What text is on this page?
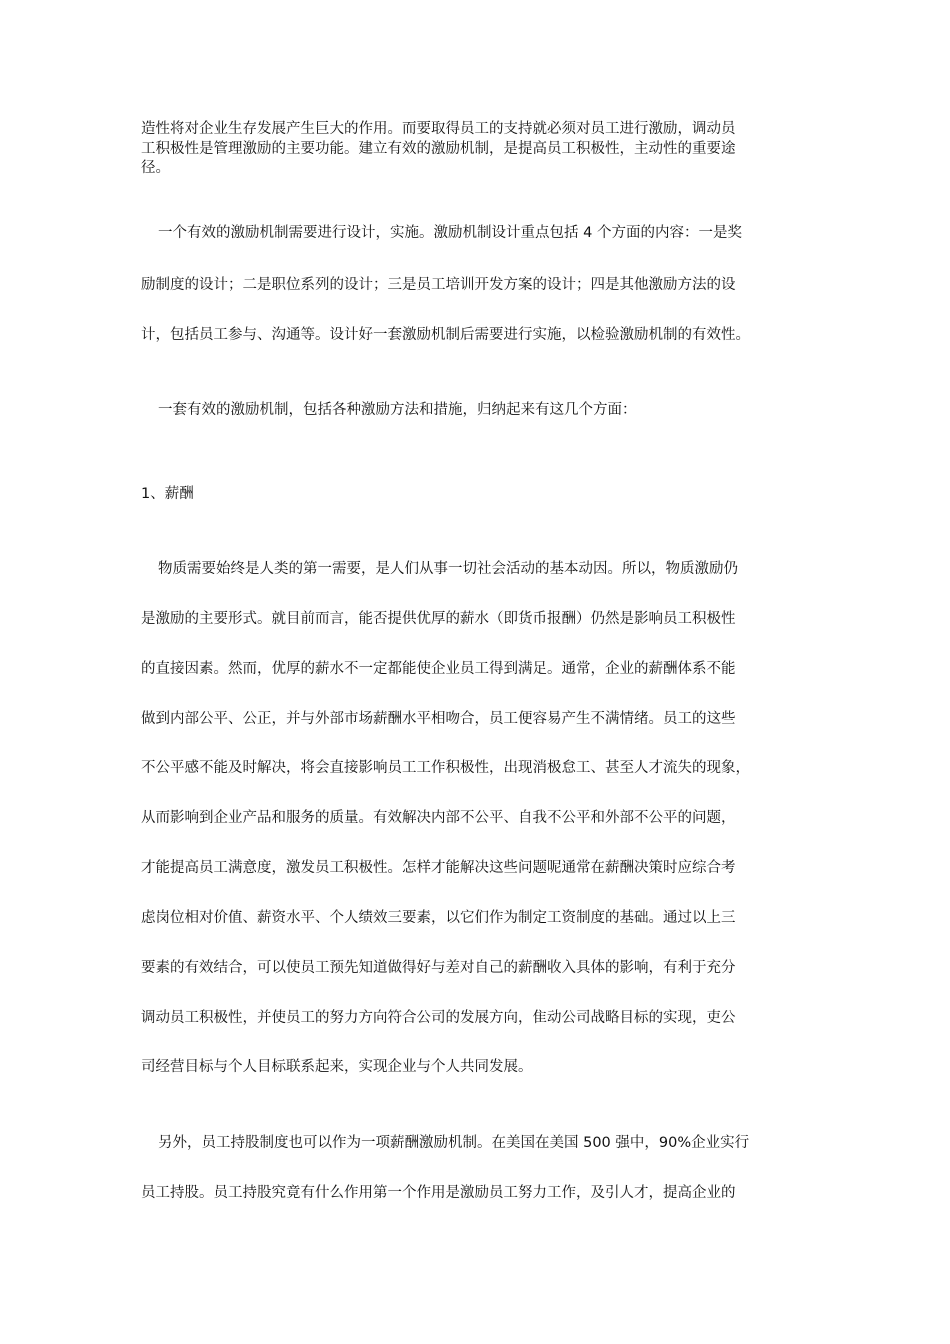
造性将对企业生存发展产生巨大的作用。而要取得员工的支持就必须对员工进行激励，调动员
工积极性是管理激励的主要功能。建立有效的激励机制，是提高员工积极性，主动性的重要途
径。
一个有效的激励机制需要进行设计，实施。激励机制设计重点包括 4 个方面的内容：一是奖
励制度的设计；二是职位系列的设计；三是员工培训开发方案的设计；四是其他激励方法的设
计，包括员工参与、沟通等。设计好一套激励机制后需要进行实施，以检验激励机制的有效性。
一套有效的激励机制，包括各种激励方法和措施，归纳起来有这几个方面：
1、薪酬
物质需要始终是人类的第一需要，是人们从事一切社会活动的基本动因。所以，物质激励仍
是激励的主要形式。就目前而言，能否提供优厚的薪水（即货币报酬）仍然是影响员工积极性
的直接因素。然而，优厚的薪水不一定都能使企业员工得到满足。通常，企业的薪酬体系不能
做到内部公平、公正，并与外部市场薪酬水平相吻合，员工便容易产生不满情绪。员工的这些
不公平感不能及时解决，将会直接影响员工工作积极性，出现消极怠工、甚至人才流失的现象，
从而影响到企业产品和服务的质量。有效解决内部不公平、自我不公平和外部不公平的问题，
才能提高员工满意度，激发员工积极性。怎样才能解决这些问题呢通常在薪酬决策时应综合考
虑岗位相对价值、薪资水平、个人绩效三要素，以它们作为制定工资制度的基础。通过以上三
要素的有效结合，可以使员工预先知道做得好与差对自己的薪酬收入具体的影响，有利于充分
调动员工积极性，并使员工的努力方向符合公司的发展方向，隹动公司战略目标的实现，吏公
司经营目标与个人目标联系起来，实现企业与个人共同发展。
另外，员工持股制度也可以作为一项薪酬激励机制。在美国在美国 500 强中，90%企业实行
员工持股。员工持股究竟有什么作用第一个作用是激励员工努力工作，及引人才，提高企业的
